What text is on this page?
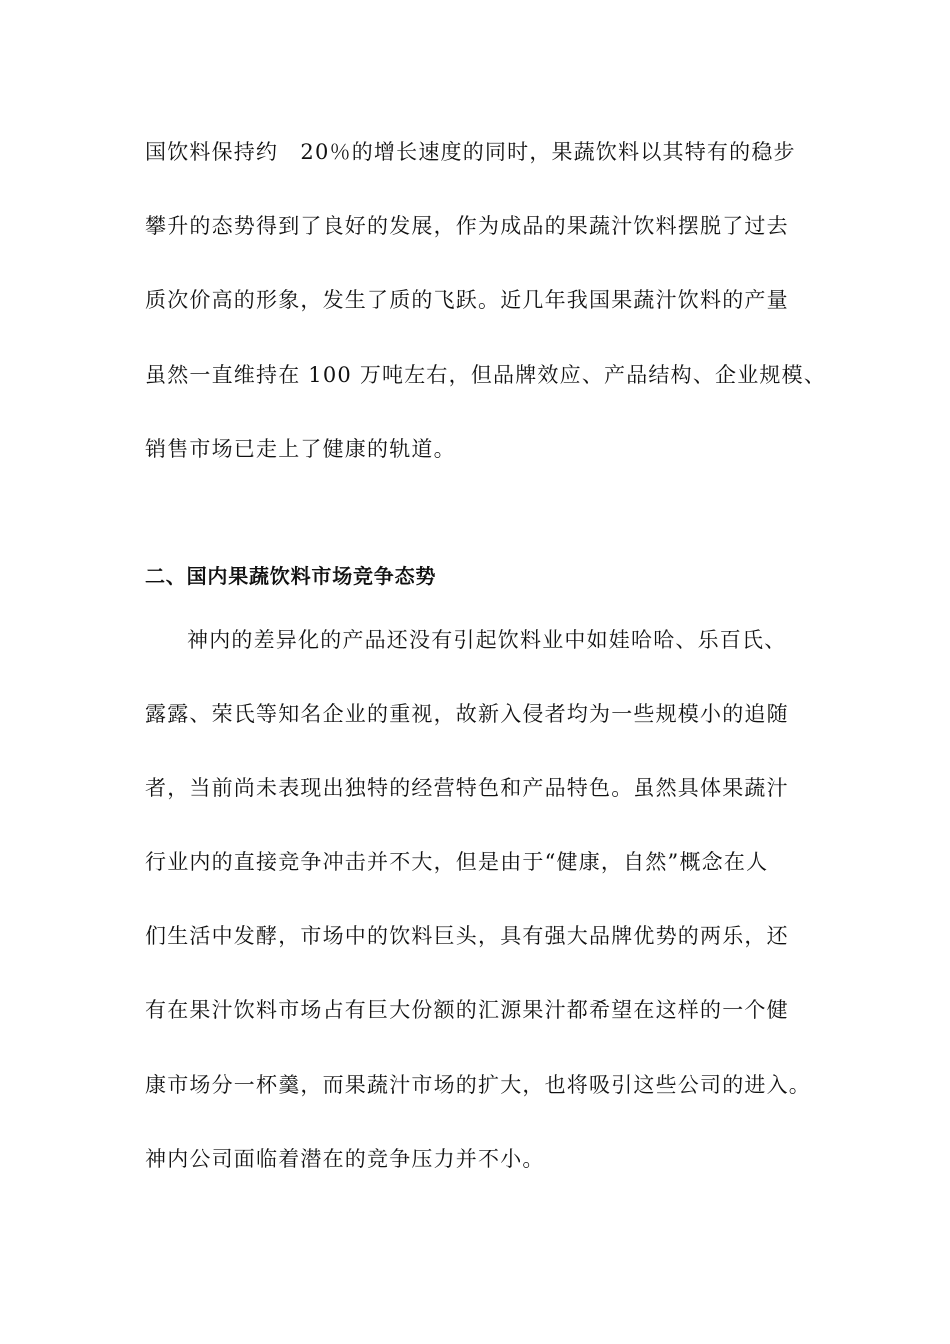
国饮料保持约　20％的增长速度的同时，果蔬饮料以其特有的稳步
攀升的态势得到了良好的发展，作为成品的果蔬汁饮料摆脱了过去
质次价高的形象，发生了质的飞跃。近几年我国果蔬汁饮料的产量
虽然一直维持在 100 万吨左右，但品牌效应、产品结构、企业规模、
销售市场已走上了健康的轨道。
二、国内果蔬饮料市场竞争态势
神内的差异化的产品还没有引起饮料业中如娃哈哈、乐百氏、
露露、荣氏等知名企业的重视，故新入侵者均为一些规模小的追随
者，当前尚未表现出独特的经营特色和产品特色。虽然具体果蔬汁
行业内的直接竞争冲击并不大，但是由于“健康，自然”概念在人
们生活中发酵，市场中的饮料巨头，具有强大品牌优势的两乐，还
有在果汁饮料市场占有巨大份额的汇源果汁都希望在这样的一个健
康市场分一杯羹，而果蔬汁市场的扩大，也将吸引这些公司的进入。
神内公司面临着潜在的竞争压力并不小。
